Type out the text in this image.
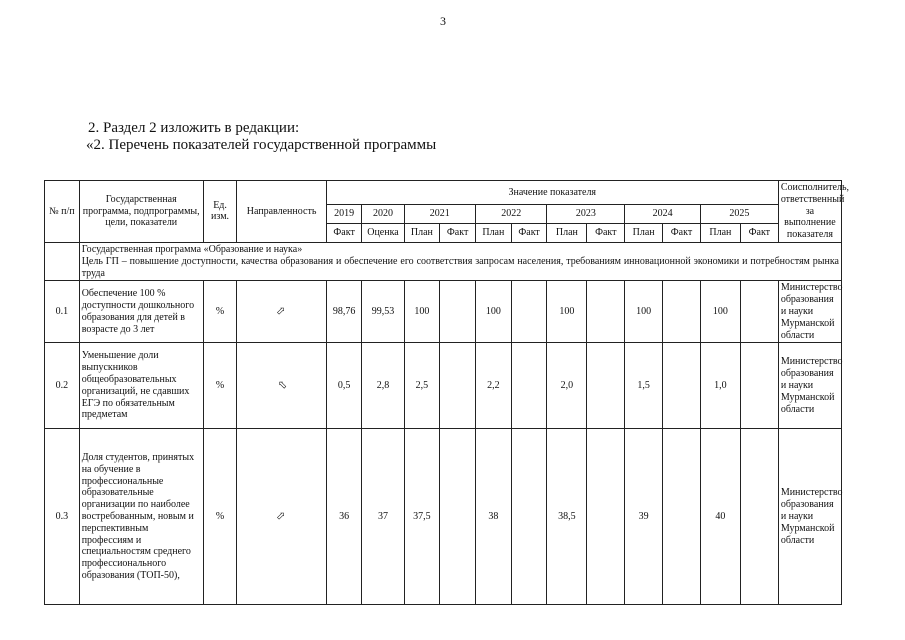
3
2. Раздел 2 изложить в редакции:
«2. Перечень показателей государственной программы
№ п/п	Государственная программа, подпрограммы, цели, показатели	Ед. изм.	Направленность	Значение показателя												Соисполнитель, ответственный за выполнение показателя
				2019	2020	2021		2022		2023		2024		2025		
				Факт	Оценка	План	Факт	План	Факт	План	Факт	План	Факт	План	Факт	

	Государственная программа «Образование и наука»
Цель ГП – повышение доступности, качества образования и обеспечение его соответствия запросам населения, требованиям инновационной экономики и потребностям рынка труда															

0.1	Обеспечение 100 % доступности дошкольного образования для детей в возрасте до 3 лет	%	⇨	98,76	99,53	100		100		100		100		100		Министерство образования и науки Мурманской области
0.2	Уменьшение доли выпускников общеобразовательных организаций, не сдавших ЕГЭ по обязательным предметам	%	⇦	0,5	2,8	2,5		2,2		2,0		1,5		1,0		Министерство образования и науки Мурманской области
0.3	Доля студентов, принятых на обучение в профессиональные образовательные организации по наиболее востребованным, новым и перспективным профессиям и специальностям среднего профессионального образования (ТОП-50),	%	⇨	36	37	37,5		38		38,5		39		40		Министерство образования и науки Мурманской области
